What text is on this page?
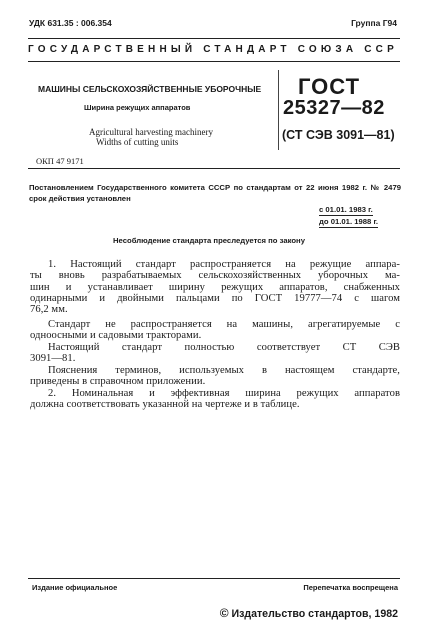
УДК 631.35 : 006.354	Группа Г94
ГОСУДАРСТВЕННЫЙ СТАНДАРТ СОЮЗА ССР
МАШИНЫ СЕЛЬСКОХОЗЯЙСТВЕННЫЕ УБОРОЧНЫЕ
Ширина режущих аппаратов
Agricultural harvesting machinery
Widths of cutting units
ОКП 47 9171
ГОСТ
25327—82
(СТ СЭВ 3091—81)
Постановлением Государственного комитета СССР по стандартам от 22 июня 1982 г. № 2479 срок действия установлен
с 01.01. 1983 г.
до 01.01. 1988 г.
Несоблюдение стандарта преследуется по закону
1. Настоящий стандарт распространяется на режущие аппара-
ты вновь разрабатываемых сельскохозяйственных уборочных ма-
шин и устанавливает ширину режущих аппаратов, снабженных
одинарными и двойными пальцами по ГОСТ 19777—74 с шагом
76,2 мм.
Стандарт не распространяется на машины, агрегатируемые с
одноосными и садовыми тракторами.
Настоящий стандарт полностью соответствует СТ СЭВ
3091—81.
Пояснения терминов, используемых в настоящем стандарте,
приведены в справочном приложении.
2. Номинальная и эффективная ширина режущих аппаратов
должна соответствовать указанной на чертеже и в таблице.
Издание официальное	Перепечатка воспрещена
© Издательство стандартов, 1982
